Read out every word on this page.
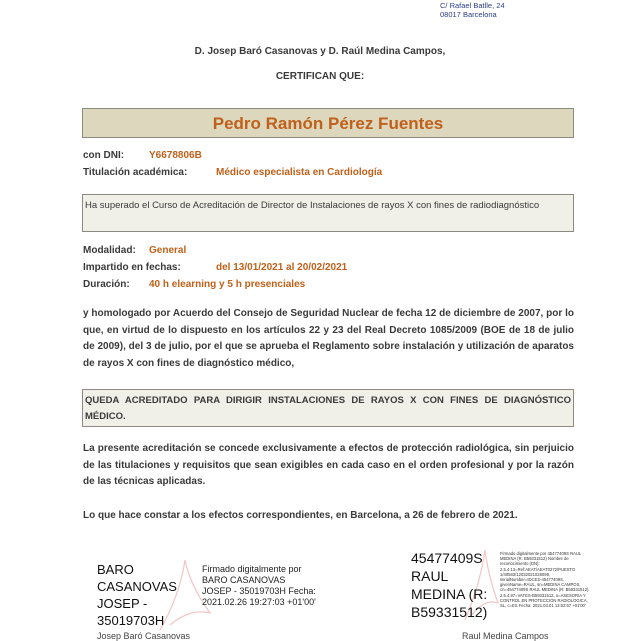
C/ Rafael Batlle, 24
08017 Barcelona
D. Josep Baró Casanovas y D. Raúl Medina Campos,
CERTIFICAN QUE:
Pedro Ramón Pérez Fuentes
con DNI: Y6678806B
Titulación académica:	Médico especialista en Cardiología
Ha superado el Curso de Acreditación de Director de Instalaciones de rayos X con fines de radiodiagnóstico
Modalidad: General
Impartido en fechas:	del 13/01/2021 al 20/02/2021
Duración: 40 h elearning y 5 h presenciales
y homologado por Acuerdo del Consejo de Seguridad Nuclear de fecha 12 de diciembre de 2007, por lo que, en virtud de lo dispuesto en los artículos 22 y 23 del Real Decreto 1085/2009 (BOE de 18 de julio de 2009), del 3 de julio, por el que se aprueba el Reglamento sobre instalación y utilización de aparatos de rayos X con fines de diagnóstico médico,
QUEDA ACREDITADO PARA DIRIGIR INSTALACIONES DE RAYOS X CON FINES DE DIAGNÓSTICO MÉDICO.
La presente acreditación se concede exclusivamente a efectos de protección radiológica, sin perjuicio de las titulaciones y requisitos que sean exigibles en cada caso en el orden profesional y por la razón de las técnicas aplicadas.
Lo que hace constar a los efectos correspondientes, en Barcelona, a 26 de febrero de 2021.
BARO CASANOVAS JOSEP - 35019703H
Firmado digitalmente por BARO CASANOVAS JOSEP - 35019703H Fecha: 2021.02.26 19:27:03 +01'00'
Josep Baró Casanovas
45477409S RAUL MEDINA (R: B59331512)
Firmado digitalmente por 45477409S RAUL MEDINA (R: B59331512) Nombre de reconocimiento (DN): 2.5.4.13=Ref:AEAT/AEAT0272/PUESTO 1/40583/12032021028099, serialNumber=IDCES-45477409S, givenName=RAUL, sn=MEDINA CAMPOS, cn=45477409S RAUL MEDINA (R: B59331512), 2.5.4.97=VATES-B59331512, o=ASESORIA Y CONTROL EN PROTECCION RADIOLOGICA, SL, c=ES Fecha: 2021.03.01 13:52:57 +01'00'
Raul Medina Campos
